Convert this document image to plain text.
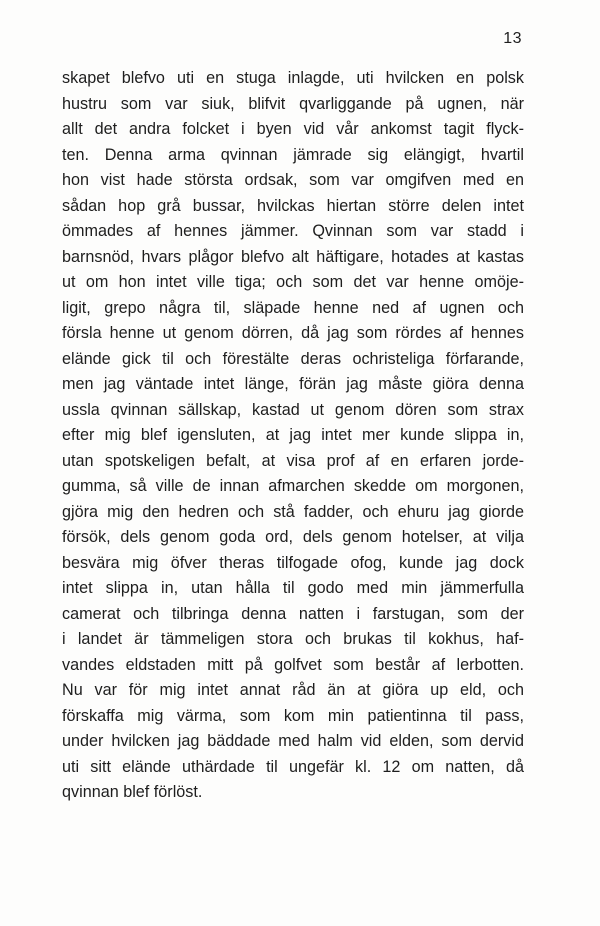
13
skapet blefvo uti en stuga inlagde, uti hvilcken en polsk
hustru som var siuk, blifvit qvarliggande på ugnen, när
allt det andra folcket i byen vid vår ankomst tagit flyck-
ten. Denna arma qvinnan jämrade sig elängigt, hvartil
hon vist hade största ordsak, som var omgifven med en
sådan hop grå bussar, hvilckas hiertan större delen intet
ömmades af hennes jämmer. Qvinnan som var stadd i
barnsnöd, hvars plågor blefvo alt häftigare, hotades at kastas
ut om hon intet ville tiga; och som det var henne omöje-
ligit, grepo några til, släpade henne ned af ugnen och
försla henne ut genom dörren, då jag som rördes af hennes
elände gick til och förestälte deras ochristeliga förfarande,
men jag väntade intet länge, förän jag måste giöra denna
ussla qvinnan sällskap, kastad ut genom dören som strax
efter mig blef igensluten, at jag intet mer kunde slippa in,
utan spotskeligen befalt, at visa prof af en erfaren jorde-
gumma, så ville de innan afmarchen skedde om morgonen,
gjöra mig den hedren och stå fadder, och ehuru jag giorde
försök, dels genom goda ord, dels genom hotelser, at vilja
besvära mig öfver theras tilfogade ofog, kunde jag dock
intet slippa in, utan hålla til godo med min jämmerfulla
camerat och tilbringa denna natten i farstugan, som der
i landet är tämmeligen stora och brukas til kokhus, haf-
vandes eldstaden mitt på golfvet som består af lerbotten.
Nu var för mig intet annat råd än at giöra up eld, och
förskaffa mig värma, som kom min patientinna til pass,
under hvilcken jag bäddade med halm vid elden, som dervid
uti sitt elände uthärdade til ungefär kl. 12 om natten, då
qvinnan blef förlöst.
